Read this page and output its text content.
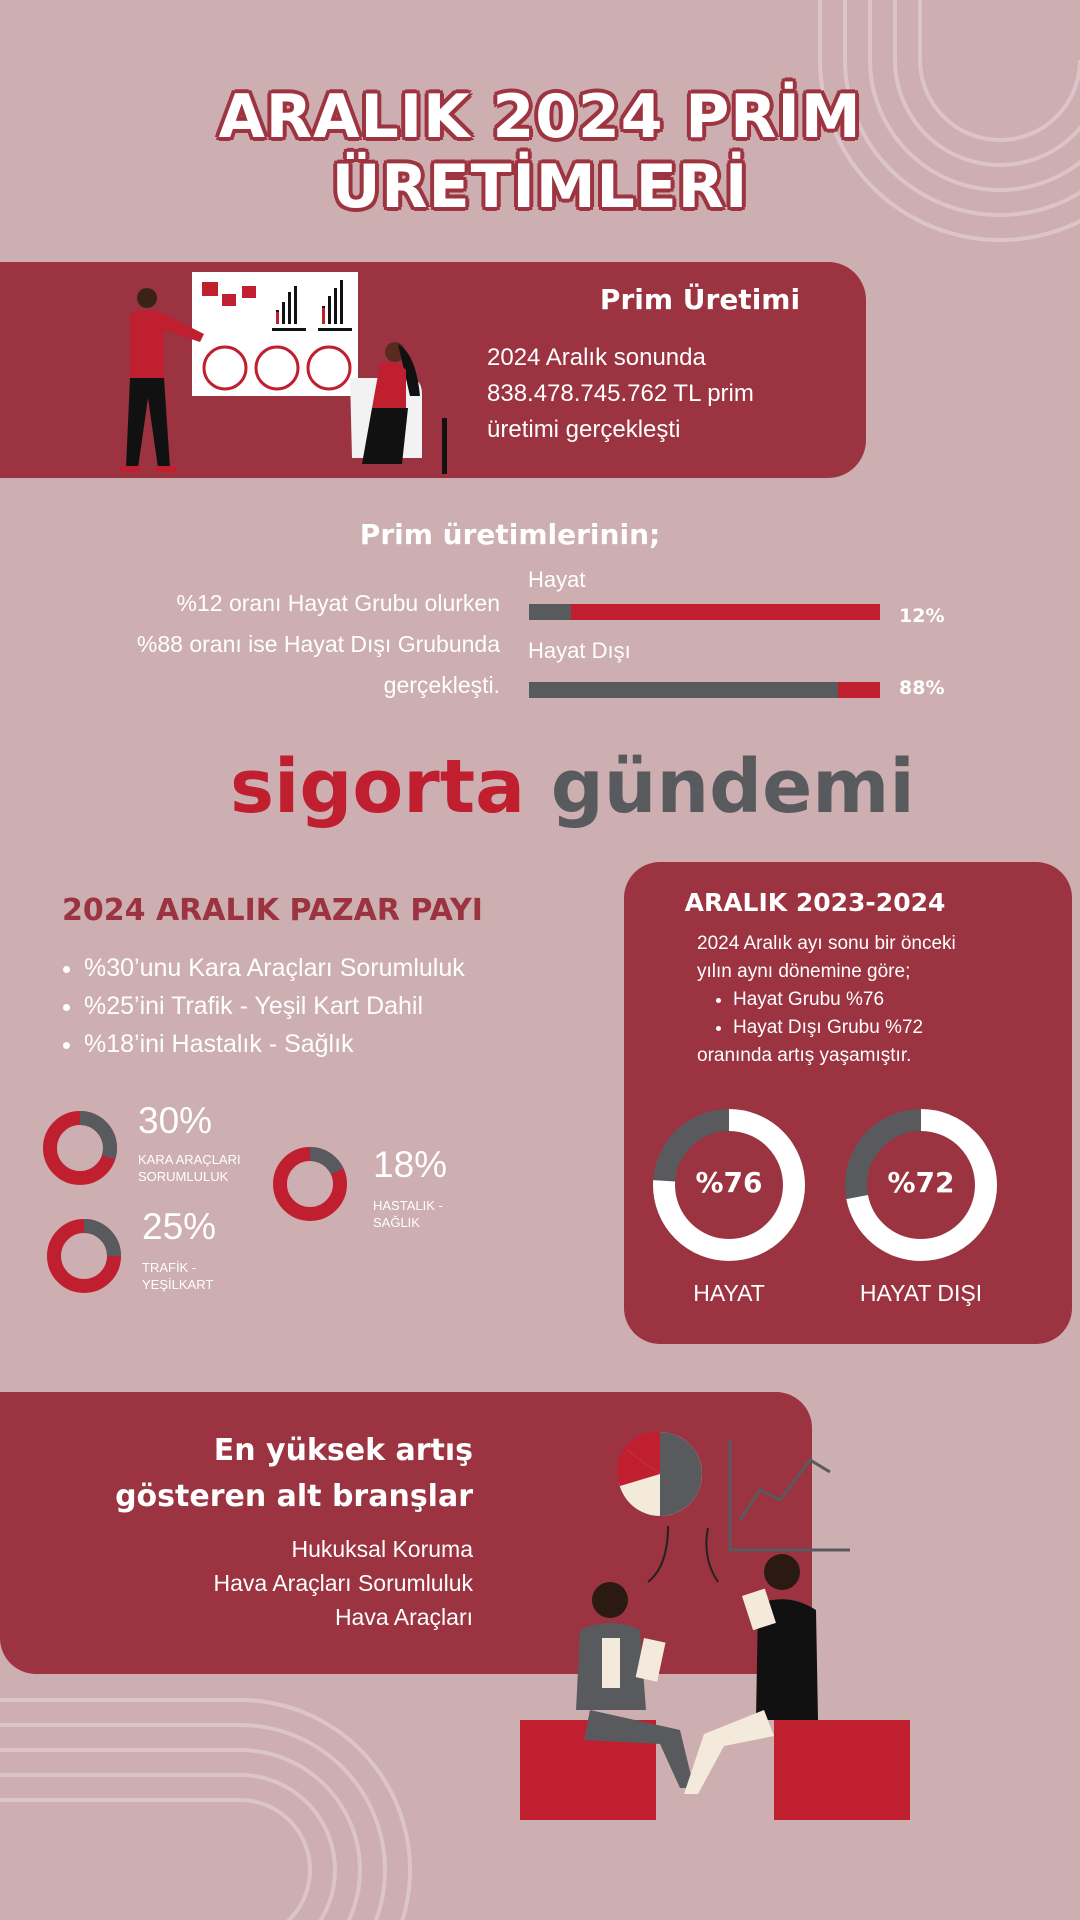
ARALIK 2024 PRİM ÜRETİMLERİ
Prim Üretimi
2024 Aralık sonunda
838.478.745.762 TL prim
üretimi gerçekleşti
Prim üretimlerinin;
%12 oranı Hayat Grubu olurken
%88 oranı ise Hayat Dışı Grubunda
gerçekleşti.
Hayat
12%
Hayat Dışı
88%
sigorta gündemi
2024 ARALIK PAZAR PAYI
• %30’unu Kara Araçları Sorumluluk
• %25’ini Trafik - Yeşil Kart Dahil
• %18’ini Hastalık - Sağlık
30%
KARA ARAÇLARI
SORUMLULUK
25%
TRAFİK -
YEŞİLKART
18%
HASTALIK -
SAĞLIK
ARALIK 2023-2024
2024 Aralık ayı sonu bir önceki
yılın aynı dönemine göre;
• Hayat Grubu %76
• Hayat Dışı Grubu %72
oranında artış yaşamıştır.
%76
HAYAT
%72
HAYAT DIŞI
En yüksek artış
gösteren alt branşlar
Hukuksal Koruma
Hava Araçları Sorumluluk
Hava Araçları
